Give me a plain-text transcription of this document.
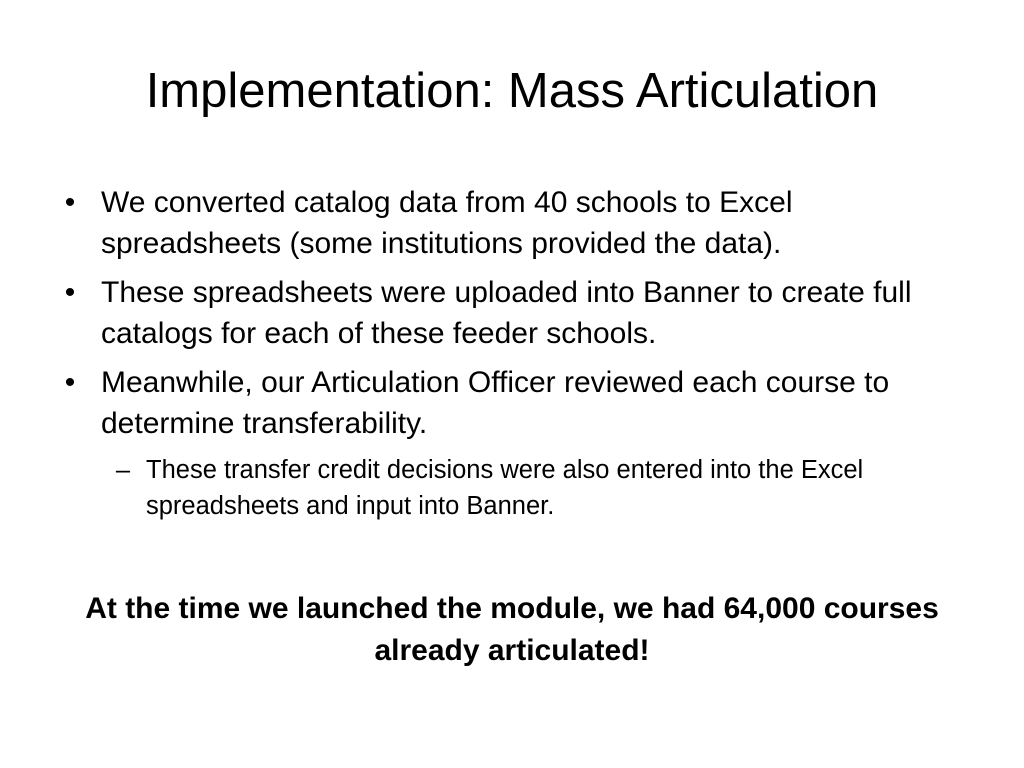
Implementation: Mass Articulation
• We converted catalog data from 40 schools to Excel spreadsheets (some institutions provided the data).
• These spreadsheets were uploaded into Banner to create full catalogs for each of these feeder schools.
• Meanwhile, our Articulation Officer reviewed each course to determine transferability.
– These transfer credit decisions were also entered into the Excel spreadsheets and input into Banner.
At the time we launched the module, we had 64,000 courses already articulated!
